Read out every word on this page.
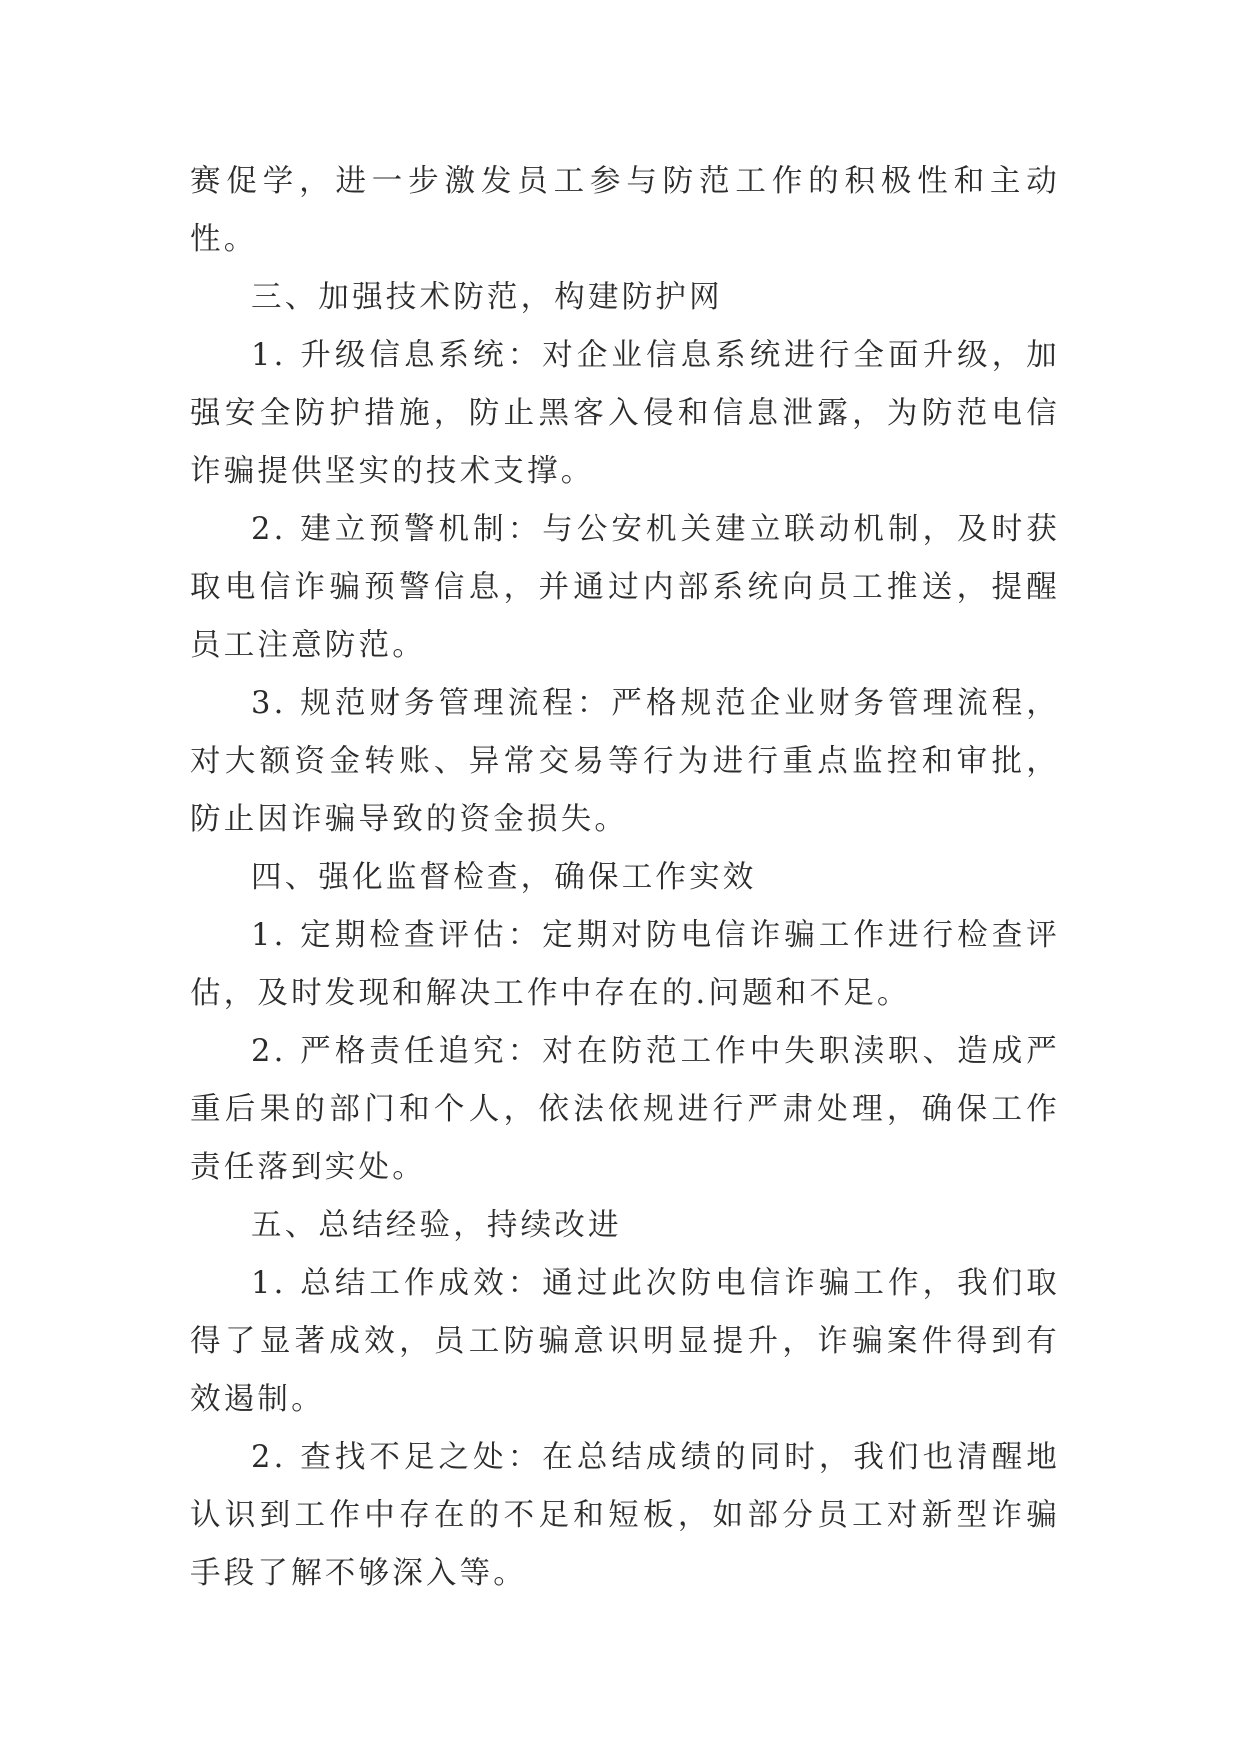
赛促学，进一步激发员工参与防范工作的积极性和主动性。

三、加强技术防范，构建防护网

1. 升级信息系统：对企业信息系统进行全面升级，加强安全防护措施，防止黑客入侵和信息泄露，为防范电信诈骗提供坚实的技术支撑。

2. 建立预警机制：与公安机关建立联动机制，及时获取电信诈骗预警信息，并通过内部系统向员工推送，提醒员工注意防范。

3. 规范财务管理流程：严格规范企业财务管理流程，对大额资金转账、异常交易等行为进行重点监控和审批，防止因诈骗导致的资金损失。

四、强化监督检查，确保工作实效

1. 定期检查评估：定期对防电信诈骗工作进行检查评估，及时发现和解决工作中存在的.问题和不足。

2. 严格责任追究：对在防范工作中失职渎职、造成严重后果的部门和个人，依法依规进行严肃处理，确保工作责任落到实处。

五、总结经验，持续改进

1. 总结工作成效：通过此次防电信诈骗工作，我们取得了显著成效，员工防骗意识明显提升，诈骗案件得到有效遏制。

2. 查找不足之处：在总结成绩的同时，我们也清醒地认识到工作中存在的不足和短板，如部分员工对新型诈骗手段了解不够深入等。
